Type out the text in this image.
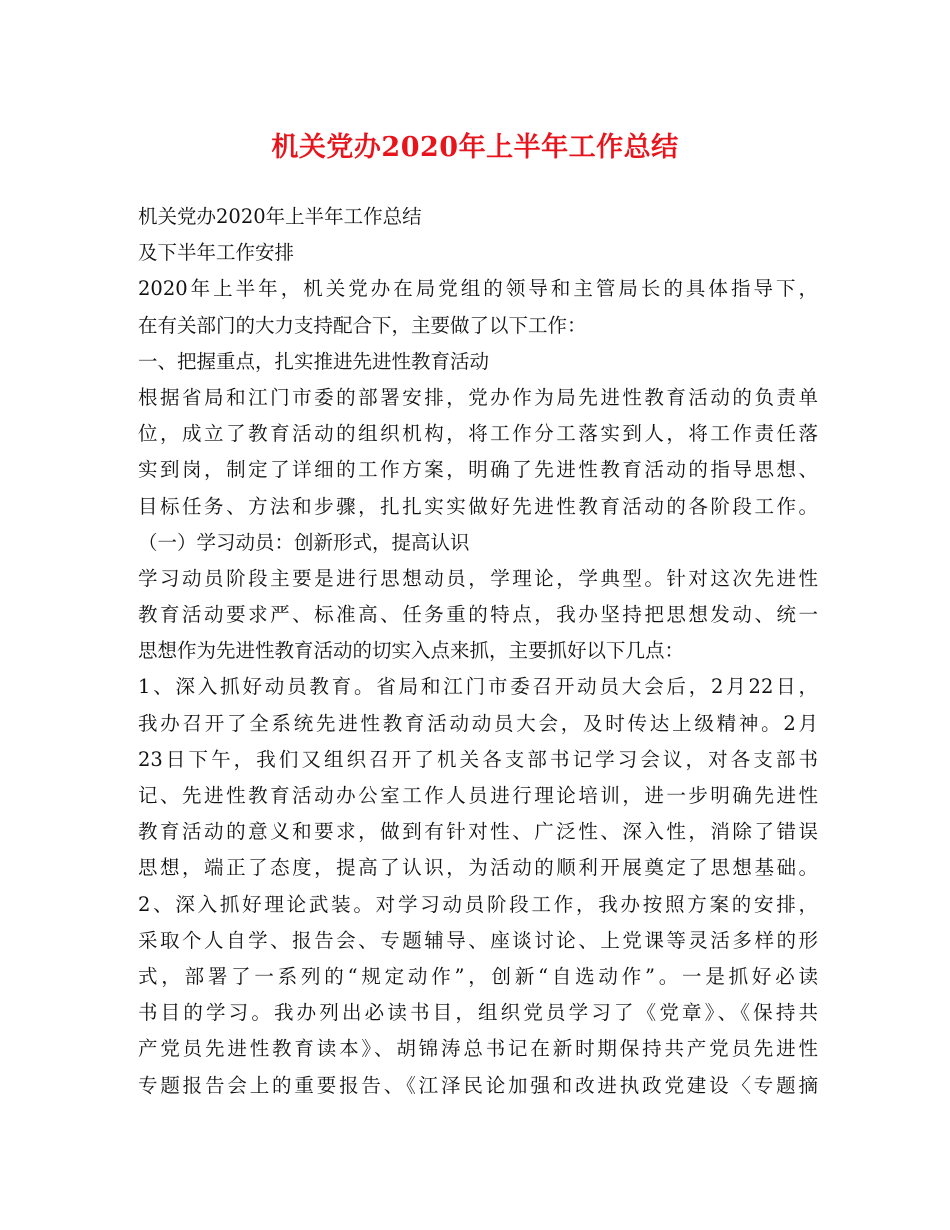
机关党办2020年上半年工作总结
机关党办2020年上半年工作总结
及下半年工作安排
2020年上半年，机关党办在局党组的领导和主管局长的具体指导下，
在有关部门的大力支持配合下，主要做了以下工作：
一、把握重点，扎实推进先进性教育活动
根据省局和江门市委的部署安排，党办作为局先进性教育活动的负责单
位，成立了教育活动的组织机构，将工作分工落实到人，将工作责任落
实到岗，制定了详细的工作方案，明确了先进性教育活动的指导思想、
目标任务、方法和步骤，扎扎实实做好先进性教育活动的各阶段工作。
（一）学习动员：创新形式，提高认识
学习动员阶段主要是进行思想动员，学理论，学典型。针对这次先进性
教育活动要求严、标准高、任务重的特点，我办坚持把思想发动、统一
思想作为先进性教育活动的切实入点来抓，主要抓好以下几点：
1、深入抓好动员教育。省局和江门市委召开动员大会后，2月22日，
我办召开了全系统先进性教育活动动员大会，及时传达上级精神。2月
23日下午，我们又组织召开了机关各支部书记学习会议，对各支部书
记、先进性教育活动办公室工作人员进行理论培训，进一步明确先进性
教育活动的意义和要求，做到有针对性、广泛性、深入性，消除了错误
思想，端正了态度，提高了认识，为活动的顺利开展奠定了思想基础。
2、深入抓好理论武装。对学习动员阶段工作，我办按照方案的安排，
采取个人自学、报告会、专题辅导、座谈讨论、上党课等灵活多样的形
式，部署了一系列的“规定动作”，创新“自选动作”。一是抓好必读
书目的学习。我办列出必读书目，组织党员学习了《党章》、《保持共
产党员先进性教育读本》、胡锦涛总书记在新时期保持共产党员先进性
专题报告会上的重要报告、《江泽民论加强和改进执政党建设〈专题摘
